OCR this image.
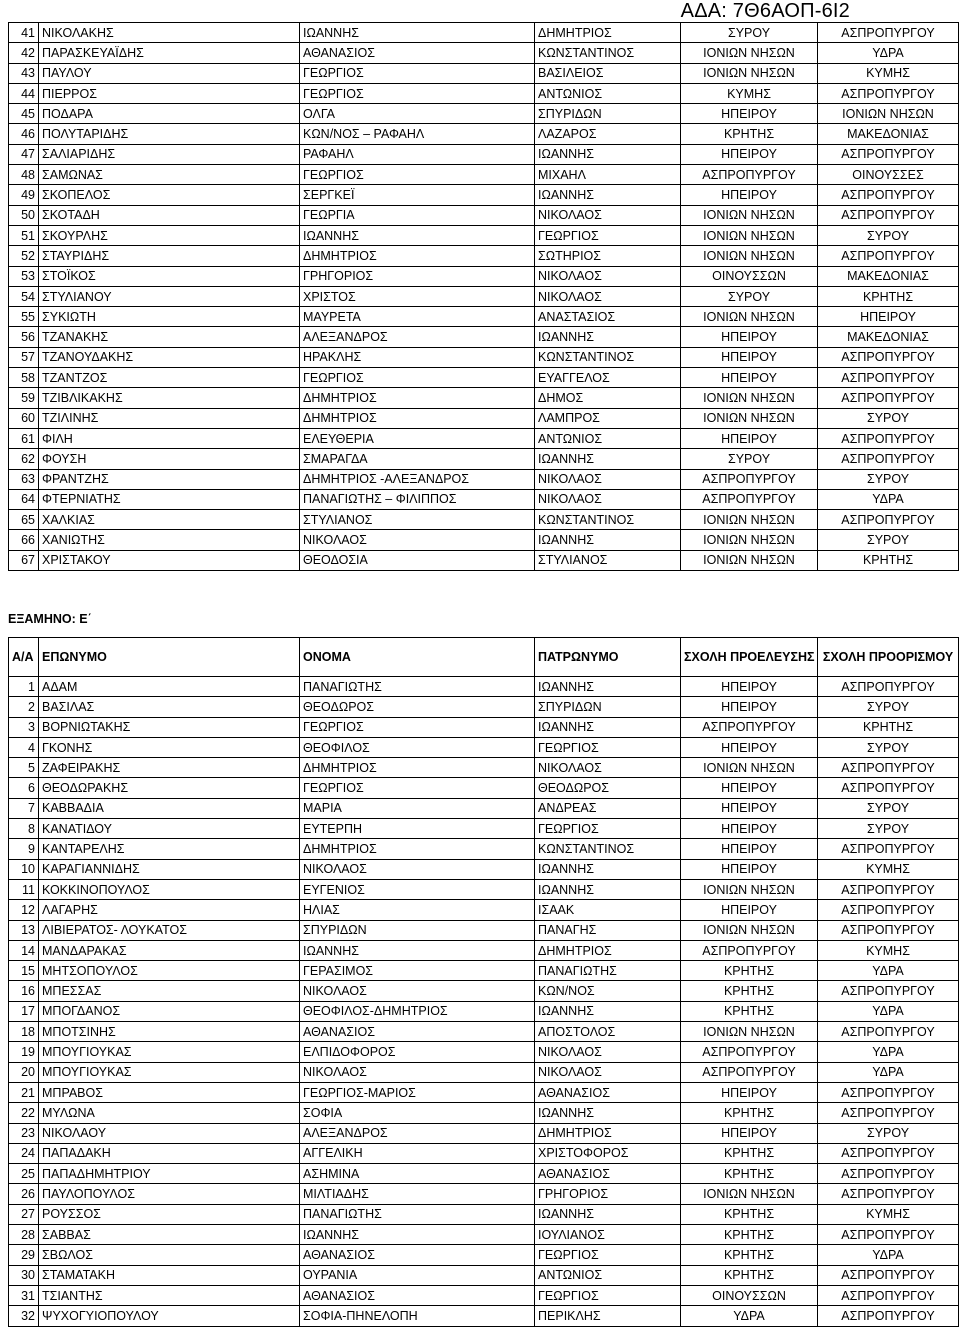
ΑΔΑ: 7Θ6ΑΟΠ-6Ι2
41	ΝΙΚΟΛΑΚΗΣ	ΙΩΑΝΝΗΣ	ΔΗΜΗΤΡΙΟΣ	ΣΥΡΟΥ	ΑΣΠΡΟΠΥΡΓΟΥ
42	ΠΑΡΑΣΚΕΥΑΪΔΗΣ	ΑΘΑΝΑΣΙΟΣ	ΚΩΝΣΤΑΝΤΙΝΟΣ	ΙΟΝΙΩΝ ΝΗΣΩΝ	ΥΔΡΑ
43	ΠΑΥΛΟΥ	ΓΕΩΡΓΙΟΣ	ΒΑΣΙΛΕΙΟΣ	ΙΟΝΙΩΝ ΝΗΣΩΝ	ΚΥΜΗΣ
44	ΠΙΕΡΡΟΣ	ΓΕΩΡΓΙΟΣ	ΑΝΤΩΝΙΟΣ	ΚΥΜΗΣ	ΑΣΠΡΟΠΥΡΓΟΥ
45	ΠΟΔΑΡΑ	ΟΛΓΑ	ΣΠΥΡΙΔΩΝ	ΗΠΕΙΡΟΥ	ΙΟΝΙΩΝ ΝΗΣΩΝ
46	ΠΟΛΥΤΑΡΙΔΗΣ	ΚΩΝ/ΝΟΣ – ΡΑΦΑΗΛ	ΛΑΖΑΡΟΣ	ΚΡΗΤΗΣ	ΜΑΚΕΔΟΝΙΑΣ
47	ΣΑΛΙΑΡΙΔΗΣ	ΡΑΦΑΗΛ	ΙΩΑΝΝΗΣ	ΗΠΕΙΡΟΥ	ΑΣΠΡΟΠΥΡΓΟΥ
48	ΣΑΜΩΝΑΣ	ΓΕΩΡΓΙΟΣ	ΜΙΧΑΗΛ	ΑΣΠΡΟΠΥΡΓΟΥ	ΟΙΝΟΥΣΣΕΣ
49	ΣΚΟΠΕΛΟΣ	ΣΕΡΓΚΕΪ	ΙΩΑΝΝΗΣ	ΗΠΕΙΡΟΥ	ΑΣΠΡΟΠΥΡΓΟΥ
50	ΣΚΟΤΑΔΗ	ΓΕΩΡΓΙΑ	ΝΙΚΟΛΑΟΣ	ΙΟΝΙΩΝ ΝΗΣΩΝ	ΑΣΠΡΟΠΥΡΓΟΥ
51	ΣΚΟΥΡΛΗΣ	ΙΩΑΝΝΗΣ	ΓΕΩΡΓΙΟΣ	ΙΟΝΙΩΝ ΝΗΣΩΝ	ΣΥΡΟΥ
52	ΣΤΑΥΡΙΔΗΣ	ΔΗΜΗΤΡΙΟΣ	ΣΩΤΗΡΙΟΣ	ΙΟΝΙΩΝ ΝΗΣΩΝ	ΑΣΠΡΟΠΥΡΓΟΥ
53	ΣΤΟΪΚΟΣ	ΓΡΗΓΟΡΙΟΣ	ΝΙΚΟΛΑΟΣ	ΟΙΝΟΥΣΣΩΝ	ΜΑΚΕΔΟΝΙΑΣ
54	ΣΤΥΛΙΑΝΟΥ	ΧΡΙΣΤΟΣ	ΝΙΚΟΛΑΟΣ	ΣΥΡΟΥ	ΚΡΗΤΗΣ
55	ΣΥΚΙΩΤΗ	ΜΑΥΡΕΤΑ	ΑΝΑΣΤΑΣΙΟΣ	ΙΟΝΙΩΝ ΝΗΣΩΝ	ΗΠΕΙΡΟΥ
56	ΤΖΑΝΑΚΗΣ	ΑΛΕΞΑΝΔΡΟΣ	ΙΩΑΝΝΗΣ	ΗΠΕΙΡΟΥ	ΜΑΚΕΔΟΝΙΑΣ
57	ΤΖΑΝΟΥΔΑΚΗΣ	ΗΡΑΚΛΗΣ	ΚΩΝΣΤΑΝΤΙΝΟΣ	ΗΠΕΙΡΟΥ	ΑΣΠΡΟΠΥΡΓΟΥ
58	ΤΖΑΝΤΖΟΣ	ΓΕΩΡΓΙΟΣ	ΕΥΑΓΓΕΛΟΣ	ΗΠΕΙΡΟΥ	ΑΣΠΡΟΠΥΡΓΟΥ
59	ΤΖΙΒΛΙΚΑΚΗΣ	ΔΗΜΗΤΡΙΟΣ	ΔΗΜΟΣ	ΙΟΝΙΩΝ ΝΗΣΩΝ	ΑΣΠΡΟΠΥΡΓΟΥ
60	ΤΖΙΛΙΝΗΣ	ΔΗΜΗΤΡΙΟΣ	ΛΑΜΠΡΟΣ	ΙΟΝΙΩΝ ΝΗΣΩΝ	ΣΥΡΟΥ
61	ΦΙΛΗ	ΕΛΕΥΘΕΡΙΑ	ΑΝΤΩΝΙΟΣ	ΗΠΕΙΡΟΥ	ΑΣΠΡΟΠΥΡΓΟΥ
62	ΦΟΥΣΗ	ΣΜΑΡΑΓΔΑ	ΙΩΑΝΝΗΣ	ΣΥΡΟΥ	ΑΣΠΡΟΠΥΡΓΟΥ
63	ΦΡΑΝΤΖΗΣ	ΔΗΜΗΤΡΙΟΣ -ΑΛΕΞΑΝΔΡΟΣ	ΝΙΚΟΛΑΟΣ	ΑΣΠΡΟΠΥΡΓΟΥ	ΣΥΡΟΥ
64	ΦΤΕΡΝΙΑΤΗΣ	ΠΑΝΑΓΙΩΤΗΣ – ΦΙΛΙΠΠΟΣ	ΝΙΚΟΛΑΟΣ	ΑΣΠΡΟΠΥΡΓΟΥ	ΥΔΡΑ
65	ΧΑΛΚΙΑΣ	ΣΤΥΛΙΑΝΟΣ	ΚΩΝΣΤΑΝΤΙΝΟΣ	ΙΟΝΙΩΝ ΝΗΣΩΝ	ΑΣΠΡΟΠΥΡΓΟΥ
66	ΧΑΝΙΩΤΗΣ	ΝΙΚΟΛΑΟΣ	ΙΩΑΝΝΗΣ	ΙΟΝΙΩΝ ΝΗΣΩΝ	ΣΥΡΟΥ
67	ΧΡΙΣΤΑΚΟΥ	ΘΕΟΔΟΣΙΑ	ΣΤΥΛΙΑΝΟΣ	ΙΟΝΙΩΝ ΝΗΣΩΝ	ΚΡΗΤΗΣ
ΕΞΑΜΗΝΟ: Ε΄
Α/Α	ΕΠΩΝΥΜΟ	ΟΝΟΜΑ	ΠΑΤΡΩΝΥΜΟ	ΣΧΟΛΗ ΠΡΟΕΛΕΥΣΗΣ	ΣΧΟΛΗ ΠΡΟΟΡΙΣΜΟΥ
1	ΑΔΑΜ	ΠΑΝΑΓΙΩΤΗΣ	ΙΩΑΝΝΗΣ	ΗΠΕΙΡΟΥ	ΑΣΠΡΟΠΥΡΓΟΥ
2	ΒΑΣΙΛΑΣ	ΘΕΟΔΩΡΟΣ	ΣΠΥΡΙΔΩΝ	ΗΠΕΙΡΟΥ	ΣΥΡΟΥ
3	ΒΟΡΝΙΩΤΑΚΗΣ	ΓΕΩΡΓΙΟΣ	ΙΩΑΝΝΗΣ	ΑΣΠΡΟΠΥΡΓΟΥ	ΚΡΗΤΗΣ
4	ΓΚΟΝΗΣ	ΘΕΟΦΙΛΟΣ	ΓΕΩΡΓΙΟΣ	ΗΠΕΙΡΟΥ	ΣΥΡΟΥ
5	ΖΑΦΕΙΡΑΚΗΣ	ΔΗΜΗΤΡΙΟΣ	ΝΙΚΟΛΑΟΣ	ΙΟΝΙΩΝ ΝΗΣΩΝ	ΑΣΠΡΟΠΥΡΓΟΥ
6	ΘΕΟΔΩΡΑΚΗΣ	ΓΕΩΡΓΙΟΣ	ΘΕΟΔΩΡΟΣ	ΗΠΕΙΡΟΥ	ΑΣΠΡΟΠΥΡΓΟΥ
7	ΚΑΒΒΑΔΙΑ	ΜΑΡΙΑ	ΑΝΔΡΕΑΣ	ΗΠΕΙΡΟΥ	ΣΥΡΟΥ
8	ΚΑΝΑΤΙΔΟΥ	ΕΥΤΕΡΠΗ	ΓΕΩΡΓΙΟΣ	ΗΠΕΙΡΟΥ	ΣΥΡΟΥ
9	ΚΑΝΤΑΡΕΛΗΣ	ΔΗΜΗΤΡΙΟΣ	ΚΩΝΣΤΑΝΤΙΝΟΣ	ΗΠΕΙΡΟΥ	ΑΣΠΡΟΠΥΡΓΟΥ
10	ΚΑΡΑΓΙΑΝΝΙΔΗΣ	ΝΙΚΟΛΑΟΣ	ΙΩΑΝΝΗΣ	ΗΠΕΙΡΟΥ	ΚΥΜΗΣ
11	ΚΟΚΚΙΝΟΠΟΥΛΟΣ	ΕΥΓΕΝΙΟΣ	ΙΩΑΝΝΗΣ	ΙΟΝΙΩΝ ΝΗΣΩΝ	ΑΣΠΡΟΠΥΡΓΟΥ
12	ΛΑΓΑΡΗΣ	ΗΛΙΑΣ	ΙΣΑΑΚ	ΗΠΕΙΡΟΥ	ΑΣΠΡΟΠΥΡΓΟΥ
13	ΛΙΒΙΕΡΑΤΟΣ- ΛΟΥΚΑΤΟΣ	ΣΠΥΡΙΔΩΝ	ΠΑΝΑΓΗΣ	ΙΟΝΙΩΝ ΝΗΣΩΝ	ΑΣΠΡΟΠΥΡΓΟΥ
14	ΜΑΝΔΑΡΑΚΑΣ	ΙΩΑΝΝΗΣ	ΔΗΜΗΤΡΙΟΣ	ΑΣΠΡΟΠΥΡΓΟΥ	ΚΥΜΗΣ
15	ΜΗΤΣΟΠΟΥΛΟΣ	ΓΕΡΑΣΙΜΟΣ	ΠΑΝΑΓΙΩΤΗΣ	ΚΡΗΤΗΣ	ΥΔΡΑ
16	ΜΠΕΣΣΑΣ	ΝΙΚΟΛΑΟΣ	ΚΩΝ/ΝΟΣ	ΚΡΗΤΗΣ	ΑΣΠΡΟΠΥΡΓΟΥ
17	ΜΠΟΓΔΑΝΟΣ	ΘΕΟΦΙΛΟΣ-ΔΗΜΗΤΡΙΟΣ	ΙΩΑΝΝΗΣ	ΚΡΗΤΗΣ	ΥΔΡΑ
18	ΜΠΟΤΣΙΝΗΣ	ΑΘΑΝΑΣΙΟΣ	ΑΠΟΣΤΟΛΟΣ	ΙΟΝΙΩΝ ΝΗΣΩΝ	ΑΣΠΡΟΠΥΡΓΟΥ
19	ΜΠΟΥΓΙΟΥΚΑΣ	ΕΛΠΙΔΟΦΟΡΟΣ	ΝΙΚΟΛΑΟΣ	ΑΣΠΡΟΠΥΡΓΟΥ	ΥΔΡΑ
20	ΜΠΟΥΓΙΟΥΚΑΣ	ΝΙΚΟΛΑΟΣ	ΝΙΚΟΛΑΟΣ	ΑΣΠΡΟΠΥΡΓΟΥ	ΥΔΡΑ
21	ΜΠΡΑΒΟΣ	ΓΕΩΡΓΙΟΣ-ΜΑΡΙΟΣ	ΑΘΑΝΑΣΙΟΣ	ΗΠΕΙΡΟΥ	ΑΣΠΡΟΠΥΡΓΟΥ
22	ΜΥΛΩΝΑ	ΣΟΦΙΑ	ΙΩΑΝΝΗΣ	ΚΡΗΤΗΣ	ΑΣΠΡΟΠΥΡΓΟΥ
23	ΝΙΚΟΛΑΟΥ	ΑΛΕΞΑΝΔΡΟΣ	ΔΗΜΗΤΡΙΟΣ	ΗΠΕΙΡΟΥ	ΣΥΡΟΥ
24	ΠΑΠΑΔΑΚΗ	ΑΓΓΕΛΙΚΗ	ΧΡΙΣΤΟΦΟΡΟΣ	ΚΡΗΤΗΣ	ΑΣΠΡΟΠΥΡΓΟΥ
25	ΠΑΠΑΔΗΜΗΤΡΙΟΥ	ΑΣΗΜΙΝΑ	ΑΘΑΝΑΣΙΟΣ	ΚΡΗΤΗΣ	ΑΣΠΡΟΠΥΡΓΟΥ
26	ΠΑΥΛΟΠΟΥΛΟΣ	ΜΙΛΤΙΑΔΗΣ	ΓΡΗΓΟΡΙΟΣ	ΙΟΝΙΩΝ ΝΗΣΩΝ	ΑΣΠΡΟΠΥΡΓΟΥ
27	ΡΟΥΣΣΟΣ	ΠΑΝΑΓΙΩΤΗΣ	ΙΩΑΝΝΗΣ	ΚΡΗΤΗΣ	ΚΥΜΗΣ
28	ΣΑΒΒΑΣ	ΙΩΑΝΝΗΣ	ΙΟΥΛΙΑΝΟΣ	ΚΡΗΤΗΣ	ΑΣΠΡΟΠΥΡΓΟΥ
29	ΣΒΩΛΟΣ	ΑΘΑΝΑΣΙΟΣ	ΓΕΩΡΓΙΟΣ	ΚΡΗΤΗΣ	ΥΔΡΑ
30	ΣΤΑΜΑΤΑΚΗ	ΟΥΡΑΝΙΑ	ΑΝΤΩΝΙΟΣ	ΚΡΗΤΗΣ	ΑΣΠΡΟΠΥΡΓΟΥ
31	ΤΣΙΑΝΤΗΣ	ΑΘΑΝΑΣΙΟΣ	ΓΕΩΡΓΙΟΣ	ΟΙΝΟΥΣΣΩΝ	ΑΣΠΡΟΠΥΡΓΟΥ
32	ΨΥΧΟΓΥΙΟΠΟΥΛΟΥ	ΣΟΦΙΑ-ΠΗΝΕΛΟΠΗ	ΠΕΡΙΚΛΗΣ	ΥΔΡΑ	ΑΣΠΡΟΠΥΡΓΟΥ
